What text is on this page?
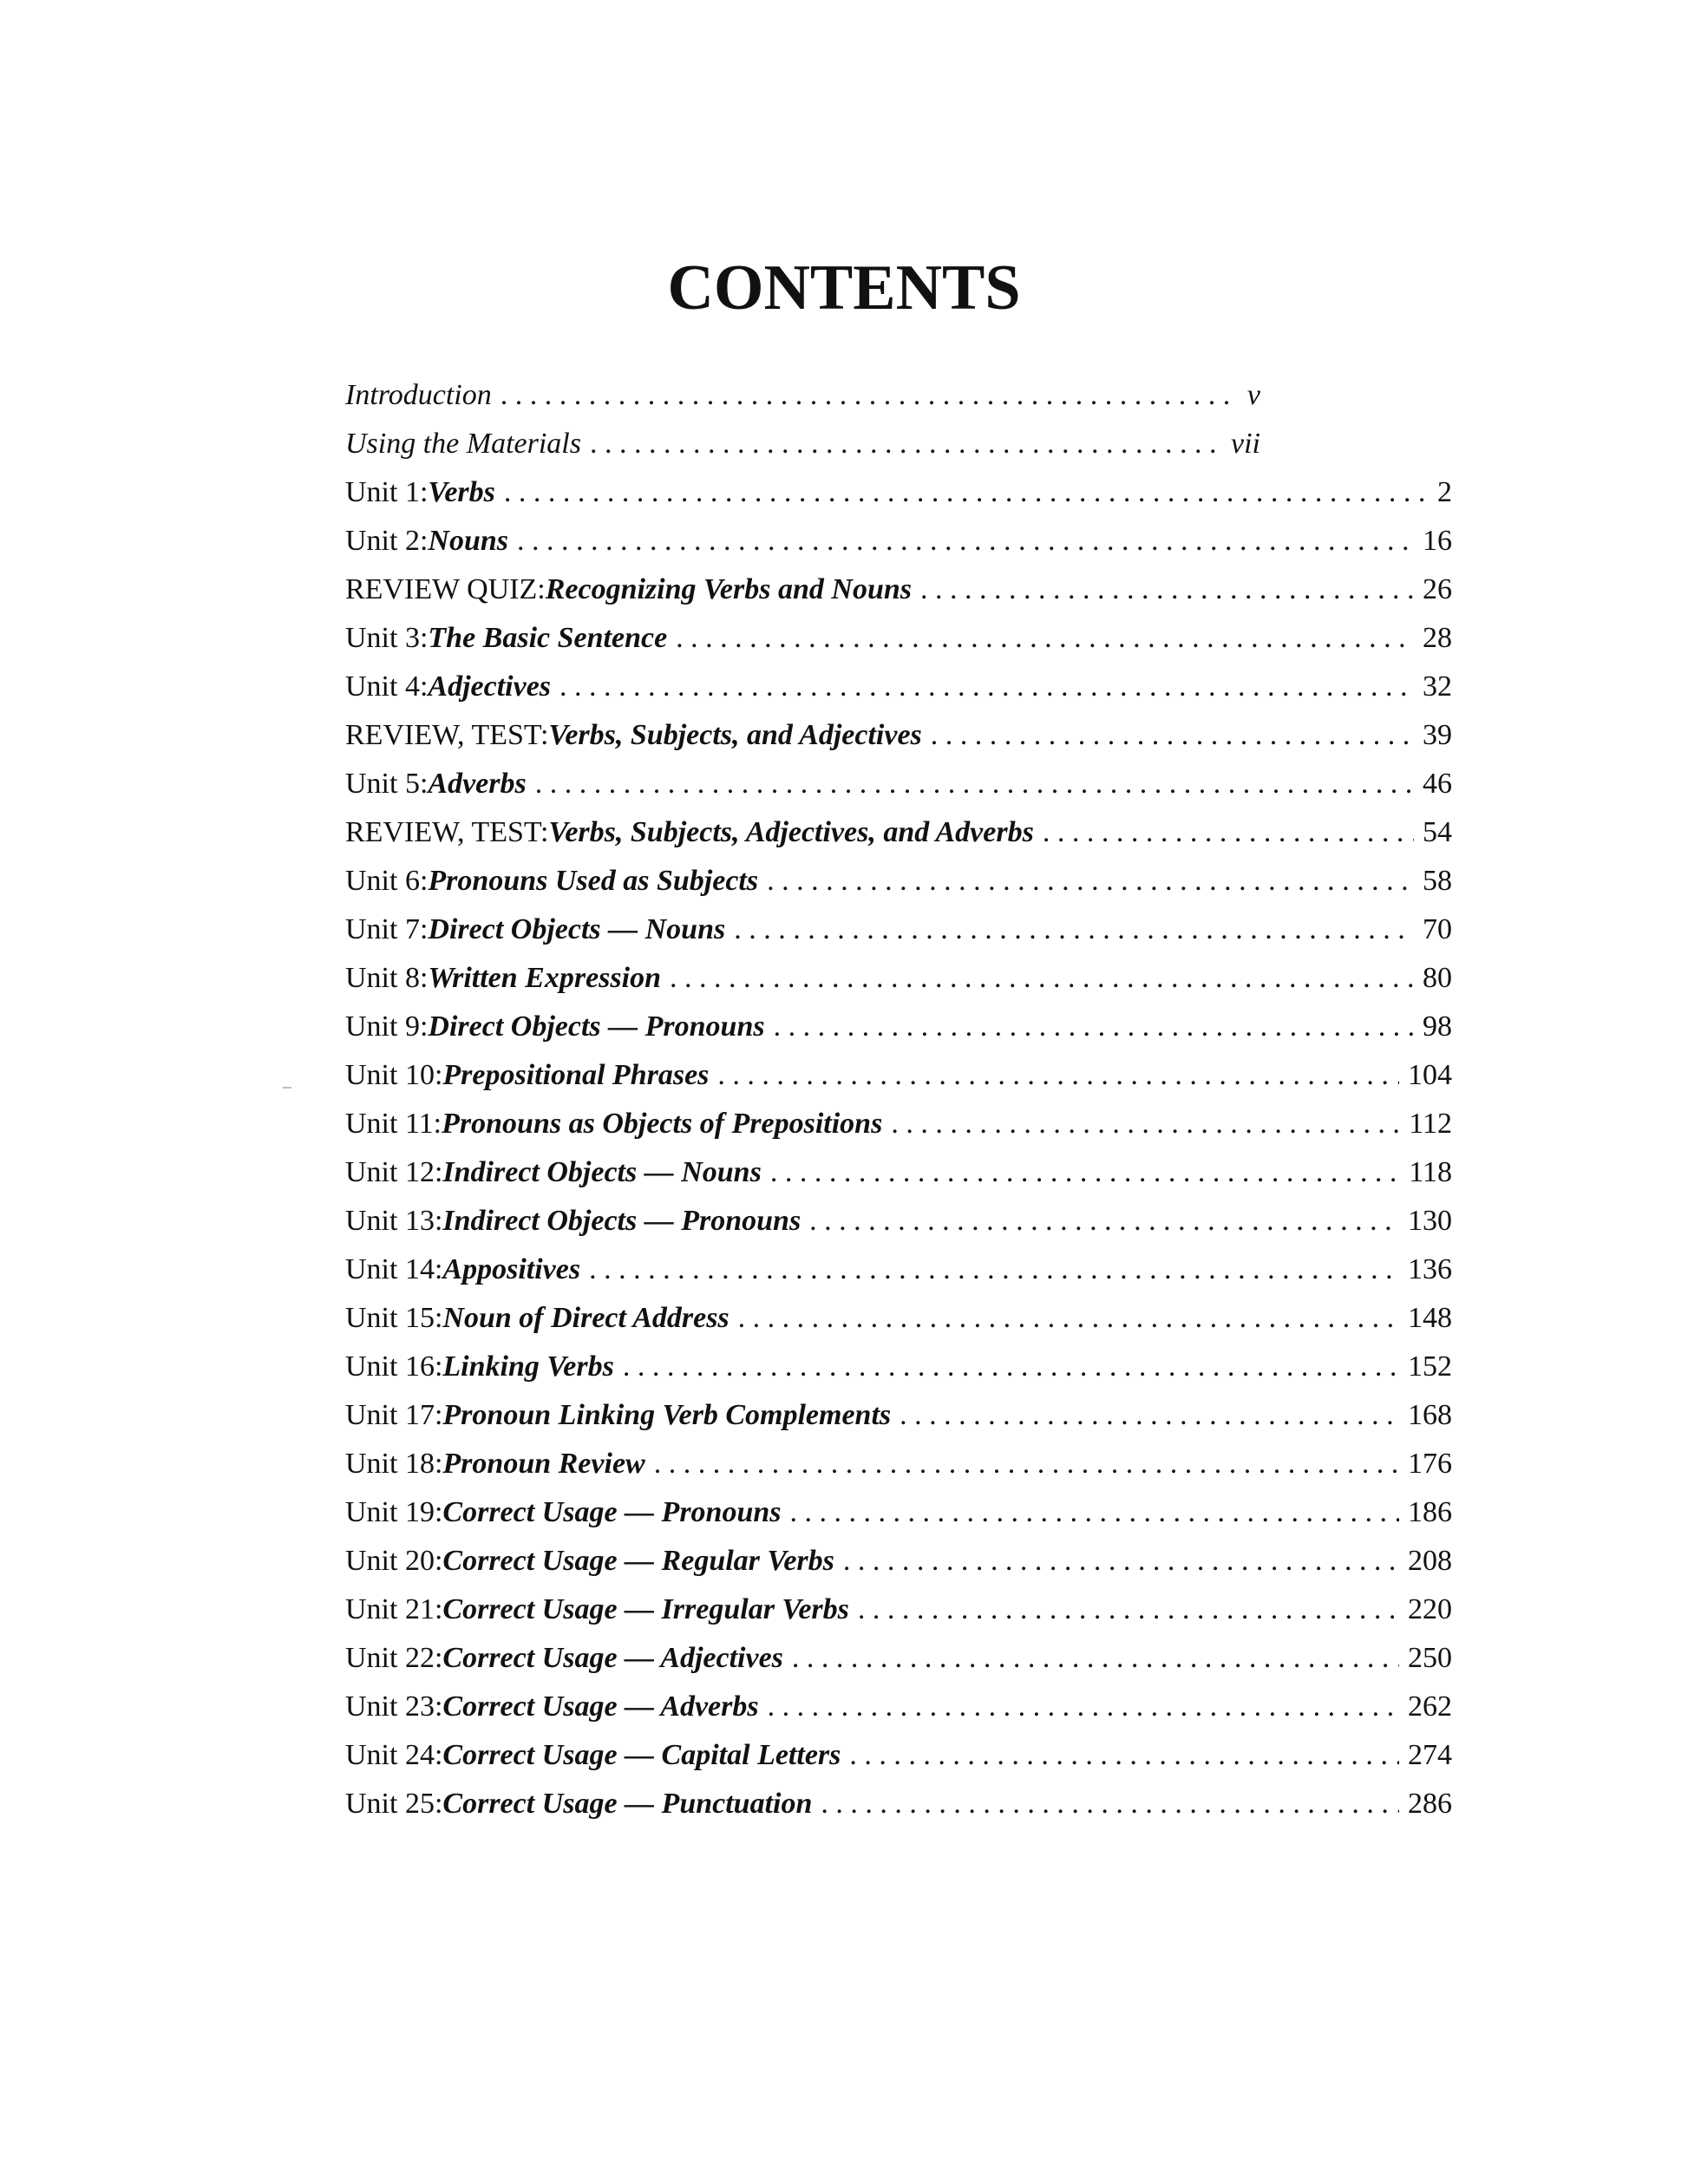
CONTENTS
Introduction . . .	v
Using the Materials . . .	vii
Unit 1: Verbs . . .	2
Unit 2: Nouns . . .	16
REVIEW QUIZ: Recognizing Verbs and Nouns . . .	26
Unit 3: The Basic Sentence . . .	28
Unit 4: Adjectives . . .	32
REVIEW, TEST: Verbs, Subjects, and Adjectives . . .	39
Unit 5: Adverbs . . .	46
REVIEW, TEST: Verbs, Subjects, Adjectives, and Adverbs . . .	54
Unit 6: Pronouns Used as Subjects . . .	58
Unit 7: Direct Objects — Nouns . . .	70
Unit 8: Written Expression . . .	80
Unit 9: Direct Objects — Pronouns . . .	98
Unit 10: Prepositional Phrases . . .	104
Unit 11: Pronouns as Objects of Prepositions . . .	112
Unit 12: Indirect Objects — Nouns . . .	118
Unit 13: Indirect Objects — Pronouns . . .	130
Unit 14: Appositives . . .	136
Unit 15: Noun of Direct Address . . .	148
Unit 16: Linking Verbs . . .	152
Unit 17: Pronoun Linking Verb Complements . . .	168
Unit 18: Pronoun Review . . .	176
Unit 19: Correct Usage — Pronouns . . .	186
Unit 20: Correct Usage — Regular Verbs . . .	208
Unit 21: Correct Usage — Irregular Verbs . . .	220
Unit 22: Correct Usage — Adjectives . . .	250
Unit 23: Correct Usage — Adverbs . . .	262
Unit 24: Correct Usage — Capital Letters . . .	274
Unit 25: Correct Usage — Punctuation . . .	286
